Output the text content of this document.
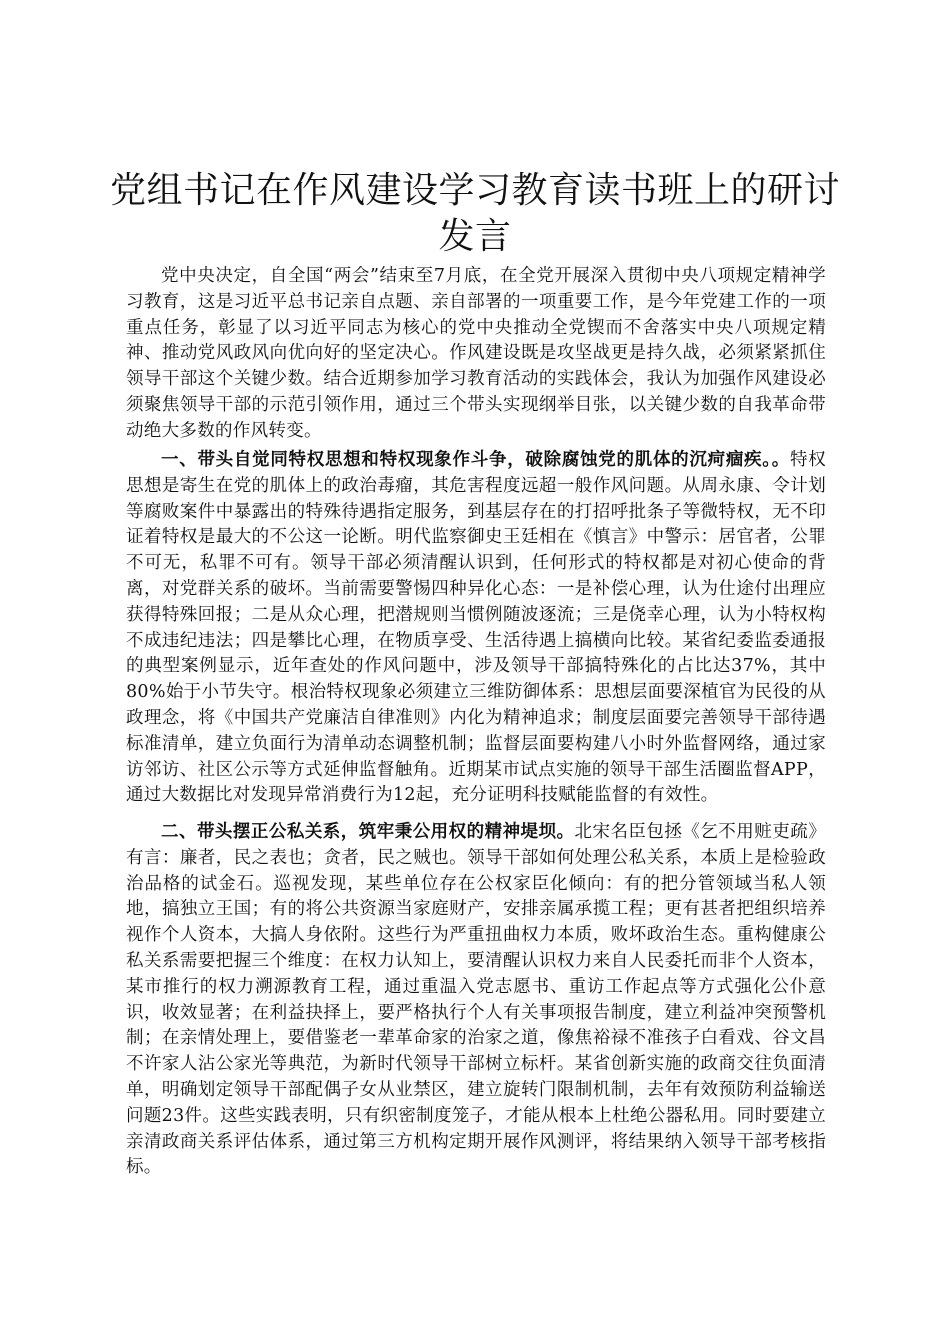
党组书记在作风建设学习教育读书班上的研讨发言

党中央决定，自全国“两会”结束至7月底，在全党开展深入贯彻中央八项规定精神学习教育，这是习近平总书记亲自点题、亲自部署的一项重要工作，是今年党建工作的一项重点任务，彰显了以习近平同志为核心的党中央推动全党锲而不舍落实中央八项规定精神、推动党风政风向优向好的坚定决心。作风建设既是攻坚战更是持久战，必须紧紧抓住领导干部这个关键少数。结合近期参加学习教育活动的实践体会，我认为加强作风建设必须聚焦领导干部的示范引领作用，通过三个带头实现纲举目张，以关键少数的自我革命带动绝大多数的作风转变。

一、带头自觉同特权思想和特权现象作斗争，破除腐蚀党的肌体的沉疴痼疾。。特权思想是寄生在党的肌体上的政治毒瘤，其危害程度远超一般作风问题。从周永康、令计划等腐败案件中暴露出的特殊待遇指定服务，到基层存在的打招呼批条子等微特权，无不印证着特权是最大的不公这一论断。明代监察御史王廷相在《慎言》中警示：居官者，公罪不可无，私罪不可有。领导干部必须清醒认识到，任何形式的特权都是对初心使命的背离，对党群关系的破坏。当前需要警惕四种异化心态：一是补偿心理，认为仕途付出理应获得特殊回报；二是从众心理，把潜规则当惯例随波逐流；三是侥幸心理，认为小特权构不成违纪违法；四是攀比心理，在物质享受、生活待遇上搞横向比较。某省纪委监委通报的典型案例显示，近年查处的作风问题中，涉及领导干部搞特殊化的占比达37%，其中80%始于小节失守。根治特权现象必须建立三维防御体系：思想层面要深植官为民役的从政理念，将《中国共产党廉洁自律准则》内化为精神追求；制度层面要完善领导干部待遇标准清单，建立负面行为清单动态调整机制；监督层面要构建八小时外监督网络，通过家访邻访、社区公示等方式延伸监督触角。近期某市试点实施的领导干部生活圈监督APP，通过大数据比对发现异常消费行为12起，充分证明科技赋能监督的有效性。

二、带头摆正公私关系，筑牢秉公用权的精神堤坝。北宋名臣包拯《乞不用赃吏疏》有言：廉者，民之表也；贪者，民之贼也。领导干部如何处理公私关系，本质上是检验政治品格的试金石。巡视发现，某些单位存在公权家臣化倾向：有的把分管领域当私人领地，搞独立王国；有的将公共资源当家庭财产，安排亲属承揽工程；更有甚者把组织培养视作个人资本，大搞人身依附。这些行为严重扭曲权力本质，败坏政治生态。重构健康公私关系需要把握三个维度：在权力认知上，要清醒认识权力来自人民委托而非个人资本，某市推行的权力溯源教育工程，通过重温入党志愿书、重访工作起点等方式强化公仆意识，收效显著；在利益抉择上，要严格执行个人有关事项报告制度，建立利益冲突预警机制；在亲情处理上，要借鉴老一辈革命家的治家之道，像焦裕禄不准孩子白看戏、谷文昌不许家人沾公家光等典范，为新时代领导干部树立标杆。某省创新实施的政商交往负面清单，明确划定领导干部配偶子女从业禁区，建立旋转门限制机制，去年有效预防利益输送问题23件。这些实践表明，只有织密制度笼子，才能从根本上杜绝公器私用。同时要建立亲清政商关系评估体系，通过第三方机构定期开展作风测评，将结果纳入领导干部考核指标。
